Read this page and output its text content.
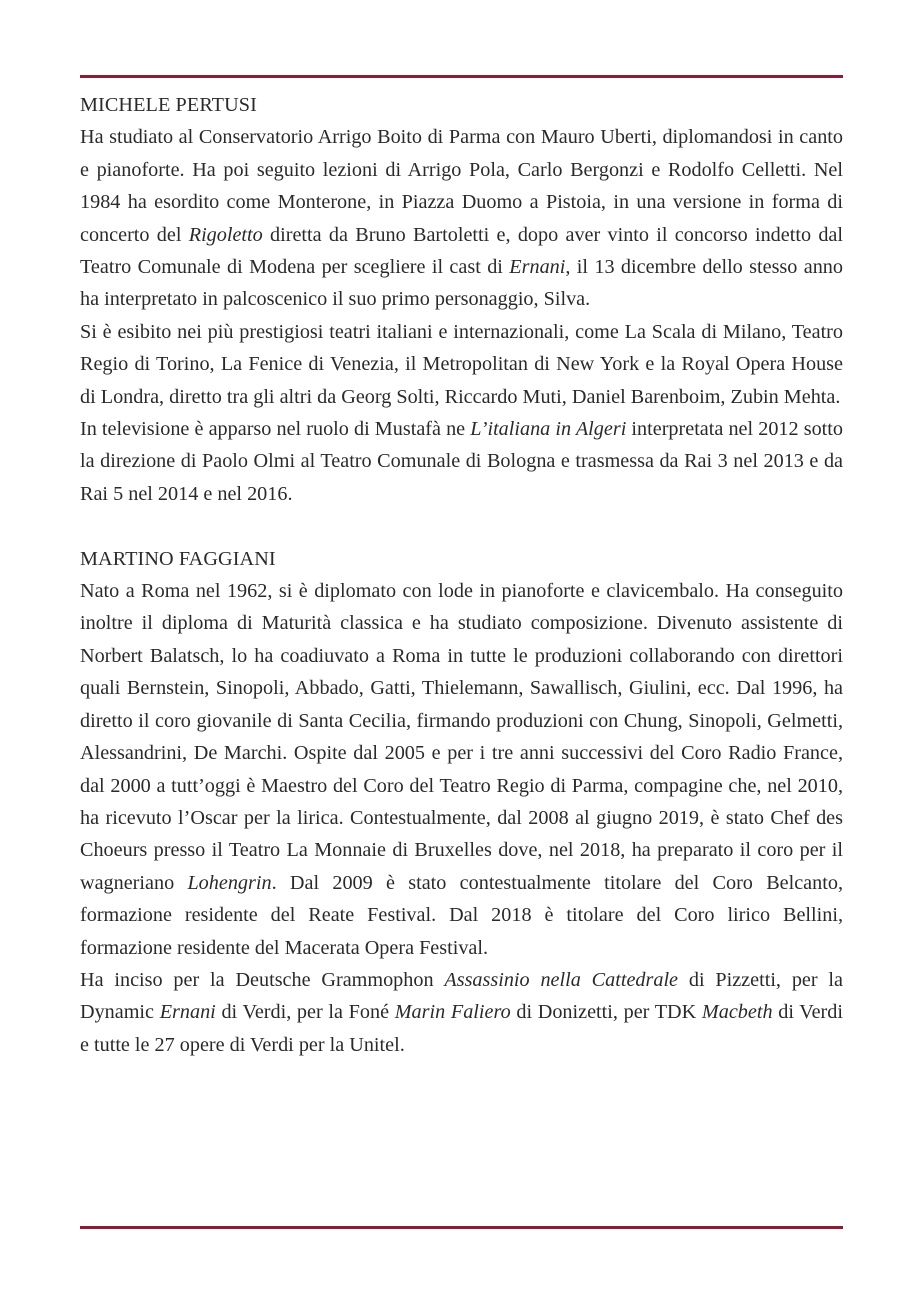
MICHELE PERTUSI

Ha studiato al Conservatorio Arrigo Boito di Parma con Mauro Uberti, diplomandosi in canto e pianoforte. Ha poi seguito lezioni di Arrigo Pola, Carlo Bergonzi e Rodolfo Celletti. Nel 1984 ha esordito come Monterone, in Piazza Duomo a Pistoia, in una versione in forma di concerto del Rigoletto diretta da Bruno Bartoletti e, dopo aver vinto il concorso indetto dal Teatro Comunale di Modena per scegliere il cast di Ernani, il 13 dicembre dello stesso anno ha interpretato in palcoscenico il suo primo personaggio, Silva.

Si è esibito nei più prestigiosi teatri italiani e internazionali, come La Scala di Milano, Teatro Regio di Torino, La Fenice di Venezia, il Metropolitan di New York e la Royal Opera House di Londra, diretto tra gli altri da Georg Solti, Riccardo Muti, Daniel Barenboim, Zubin Mehta.

In televisione è apparso nel ruolo di Mustafà ne L’italiana in Algeri interpretata nel 2012 sotto la direzione di Paolo Olmi al Teatro Comunale di Bologna e trasmessa da Rai 3 nel 2013 e da Rai 5 nel 2014 e nel 2016.

MARTINO FAGGIANI

Nato a Roma nel 1962, si è diplomato con lode in pianoforte e clavicembalo. Ha conseguito inoltre il diploma di Maturità classica e ha studiato composizione. Divenuto assistente di Norbert Balatsch, lo ha coadiuvato a Roma in tutte le produzioni collaborando con direttori quali Bernstein, Sinopoli, Abbado, Gatti, Thielemann, Sawallisch, Giulini, ecc. Dal 1996, ha diretto il coro giovanile di Santa Cecilia, firmando produzioni con Chung, Sinopoli, Gelmetti, Alessandrini, De Marchi. Ospite dal 2005 e per i tre anni successivi del Coro Radio France, dal 2000 a tutt’oggi è Maestro del Coro del Teatro Regio di Parma, compagine che, nel 2010, ha ricevuto l’Oscar per la lirica. Contestualmente, dal 2008 al giugno 2019, è stato Chef des Choeurs presso il Teatro La Monnaie di Bruxelles dove, nel 2018, ha preparato il coro per il wagneriano Lohengrin. Dal 2009 è stato contestualmente titolare del Coro Belcanto, formazione residente del Reate Festival. Dal 2018 è titolare del Coro lirico Bellini, formazione residente del Macerata Opera Festival.

Ha inciso per la Deutsche Grammophon Assassinio nella Cattedrale di Pizzetti, per la Dynamic Ernani di Verdi, per la Foné Marin Faliero di Donizetti, per TDK Macbeth di Verdi e tutte le 27 opere di Verdi per la Unitel.
